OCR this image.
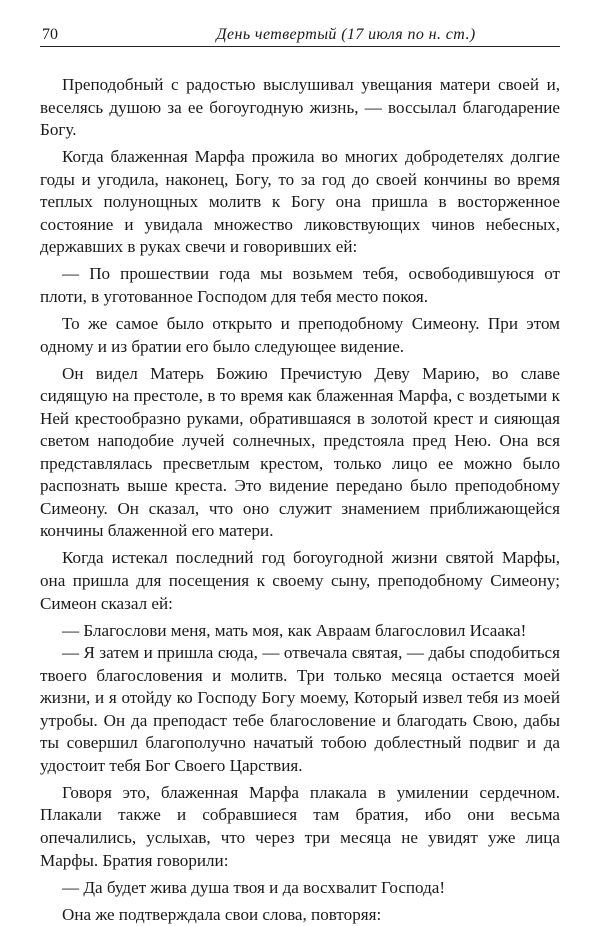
70	День четвертый (17 июля по н. ст.)

Преподобный с радостью выслушивал увещания матери своей и, веселясь душою за ее богоугодную жизнь, — воссылал благодарение Богу.

Когда блаженная Марфа прожила во многих добродетелях долгие годы и угодила, наконец, Богу, то за год до своей кончины во время теплых полунощных молитв к Богу она пришла в восторженное состояние и увидала множество ликовствующих чинов небесных, державших в руках свечи и говоривших ей:

— По прошествии года мы возьмем тебя, освободившуюся от плоти, в уготованное Господом для тебя место покоя.

То же самое было открыто и преподобному Симеону. При этом одному и из братии его было следующее видение.

Он видел Матерь Божию Пречистую Деву Марию, во славе сидящую на престоле, в то время как блаженная Марфа, с воздетыми к Ней крестообразно руками, обратившаяся в золотой крест и сияющая светом наподобие лучей солнечных, предстояла пред Нею. Она вся представлялась пресветлым крестом, только лицо ее можно было распознать выше креста. Это видение передано было преподобному Симеону. Он сказал, что оно служит знамением приближающейся кончины блаженной его матери.

Когда истекал последний год богоугодной жизни святой Марфы, она пришла для посещения к своему сыну, преподобному Симеону; Симеон сказал ей:

— Благослови меня, мать моя, как Авраам благословил Исаака!

— Я затем и пришла сюда, — отвечала святая, — дабы сподобиться твоего благословения и молитв. Три только месяца остается моей жизни, и я отойду ко Господу Богу моему, Который извел тебя из моей утробы. Он да преподаст тебе благословение и благодать Свою, дабы ты совершил благополучно начатый тобою доблестный подвиг и да удостоит тебя Бог Своего Царствия.

Говоря это, блаженная Марфа плакала в умилении сердечном. Плакали также и собравшиеся там братия, ибо они весьма опечалились, услыхав, что через три месяца не увидят уже лица Марфы. Братия говорили:

— Да будет жива душа твоя и да восхвалит Господа!

Она же подтверждала свои слова, повторяя:
